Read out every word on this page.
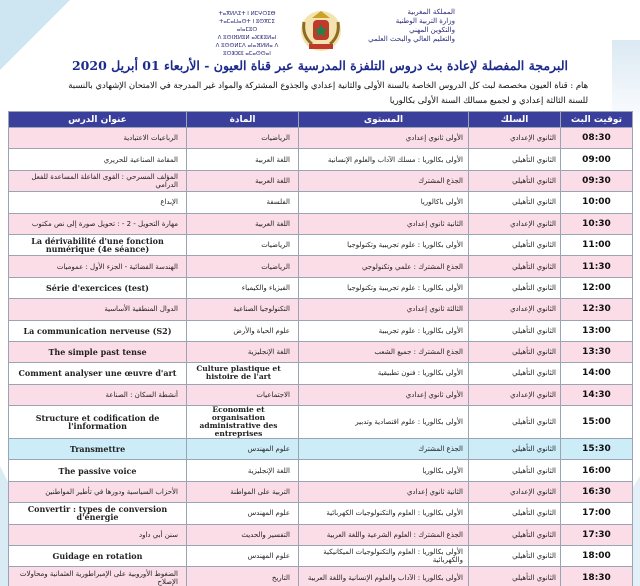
ⵜⴰⴳⵍⴷⵉⵜ ⵏ ⵍⵎⵖⵔⵉⴱ
ⵜⴰⵎⴰⵡⴰⵙⵜ ⵏ ⵓⵙⴳⵎⵉ ⴰⵏⴰⵎⵓⵔ
ⴷ ⵓⵙⵏⴼⵍⵓⵍ ⴰⵣⵣⵓⵍⴰⵏ
ⴷ ⵓⵙⵙⵍⵎⴷ ⴰⵏⴰⴼⵍⵍⴰ ⴷ ⵓⵔⵣⵣⵓ ⴰⵎⴰⵙⵙⴰⵏ
المملكة المغربية
وزارة التربية الوطنية
والتكوين المهني
والتعليم العالي والبحث العلمي
البرمجة المفصلة لإعادة بث دروس التلفزة المدرسية عبر قناة العيون - الأربعاء 01 أبريل 2020
هام : قناة العيون مخصصة لبث كل الدروس الخاصة بالسنة الأولى والثانية إعدادي والجذوع المشتركة والمواد غير المدرجة في الامتحان الإشهادي بالنسبة للسنة الثالثة إعدادي و لجميع مسالك السنة الأولى بكالوريا
عنوان الدرس	المادة	المستوى	السلك	توقيت البث
الرباعيات الاعتيادية	الرياضيات	الأولى ثانوي إعدادي	الثانوي الإعدادي	08:30
المقامة الصناعية للحريري	اللغة العربية	الأولى بكالوريا : مسلك الآداب والعلوم الإنسانية	الثانوي التأهيلي	09:00
المؤلف المسرحي : القوى الفاعلة المساعدة للفعل الدرامي	اللغة العربية	الجذع المشترك	الثانوي التأهيلي	09:30
الإبداع	الفلسفة	الأولى باكالوريا	الثانوي التأهيلي	10:00
مهارة التحويل - 2 - : تحويل صورة إلى نص مكتوب	اللغة العربية	الثانية ثانوي إعدادي	الثانوي الإعدادي	10:30
La dérivabilité d'une fonction numérique (4e séance)	الرياضيات	الأولى بكالوريا : علوم تجريبية وتكنولوجيا	الثانوي التأهيلي	11:00
الهندسة الفضائية - الجزء الأول : عموميات	الرياضيات	الجذع المشترك : علمي وتكنولوجي	الثانوي التأهيلي	11:30
Série d'exercices (test)	الفيزياء والكيمياء	الأولى بكالوريا : علوم تجريبية وتكنولوجيا	الثانوي التأهيلي	12:00
الدوال المنطقية الأساسية	التكنولوجيا الصناعية	الثالثة ثانوي إعدادي	الثانوي الإعدادي	12:30
La communication nerveuse (S2)	علوم الحياة والأرض	الأولى بكالوريا : علوم تجريبية	الثانوي التأهيلي	13:00
The simple past tense	اللغة الإنجليزية	الجذع المشترك : جميع الشعب	الثانوي التأهيلي	13:30
Comment analyser une œuvre d'art	Culture plastique et histoire de l'art	الأولى بكالوريا : فنون تطبيقية	الثانوي التأهيلي	14:00
أنشطة السكان : الصناعة	الاجتماعيات	الأولى ثانوي إعدادي	الثانوي الإعدادي	14:30
Structure et codification de l'information	Economie et organisation administrative des entreprises	الأولى بكالوريا : علوم اقتصادية وتدبير	الثانوي التأهيلي	15:00
Transmettre	علوم المهندس	الجذع المشترك	الثانوي التأهيلي	15:30
The passive voice	اللغة الإنجليزية	الأولى بكالوريا	الثانوي التأهيلي	16:00
الأحزاب السياسية ودورها في تأطير المواطنين	التربية على المواطنة	الثانية ثانوي إعدادي	الثانوي الإعدادي	16:30
Convertir : types de conversion d'énergie	علوم المهندس	الأولى بكالوريا : العلوم والتكنولوجيات الكهربائية	الثانوي التأهيلي	17:00
سنن أبي داود	التفسير والحديث	الجذع المشترك : العلوم الشرعية واللغة العربية	الثانوي التأهيلي	17:30
Guidage en rotation	علوم المهندس	الأولى بكالوريا : العلوم والتكنولوجيات الميكانيكية والكهربائية	الثانوي التأهيلي	18:00
الضغوط الأوروبية على الإمبراطورية العثمانية ومحاولات الإصلاح	التاريخ	الأولى بكالوريا : الآداب والعلوم الإنسانية واللغة العربية	الثانوي التأهيلي	18:30
